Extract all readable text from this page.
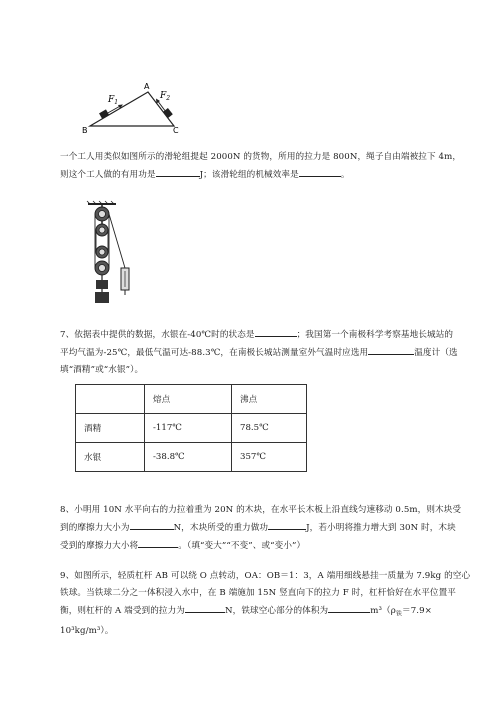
A
B	C
$F_1$
$F_2$
一个工人用类似如图所示的滑轮组提起 2000N 的货物，所用的拉力是 800N，绳子自由端被拉下 4m，
则这个工人做的有用功是	J；该滑轮组的机械效率是	。
7、依据表中提供的数据，水银在-40℃时的状态是	；我国第一个南极科学考察基地长城站的
平均气温为-25℃，最低气温可达-88.3℃，在南极长城站测量室外气温时应选用	温度计（选
填“酒精”或“水银”）。
	熔点	沸点
酒精	-117℃	78.5℃
水银	-38.8℃	357℃
8、小明用 10N 水平向右的力拉着重为 20N 的木块，在水平长木板上沿直线匀速移动 0.5m，则木块受
到的摩擦力大小为	N，木块所受的重力做功	J，若小明将推力增大到 30N 时，木块
受到的摩擦力大小将	。（填“变大”“不变”、或“变小”）
9、如图所示，轻质杠杆 AB 可以绕 O 点转动，OA：OB＝1：3，A 端用细线悬挂一质量为 7.9kg 的空心
铁球。当铁球二分之一体积浸入水中，在 B 端施加 15N 竖直向下的拉力 F 时，杠杆恰好在水平位置平
衡，则杠杆的 A 端受到的拉力为	N，铁球空心部分的体积为	$m^3(\rho_铁=7.9\times$
10³kg/m³）。
